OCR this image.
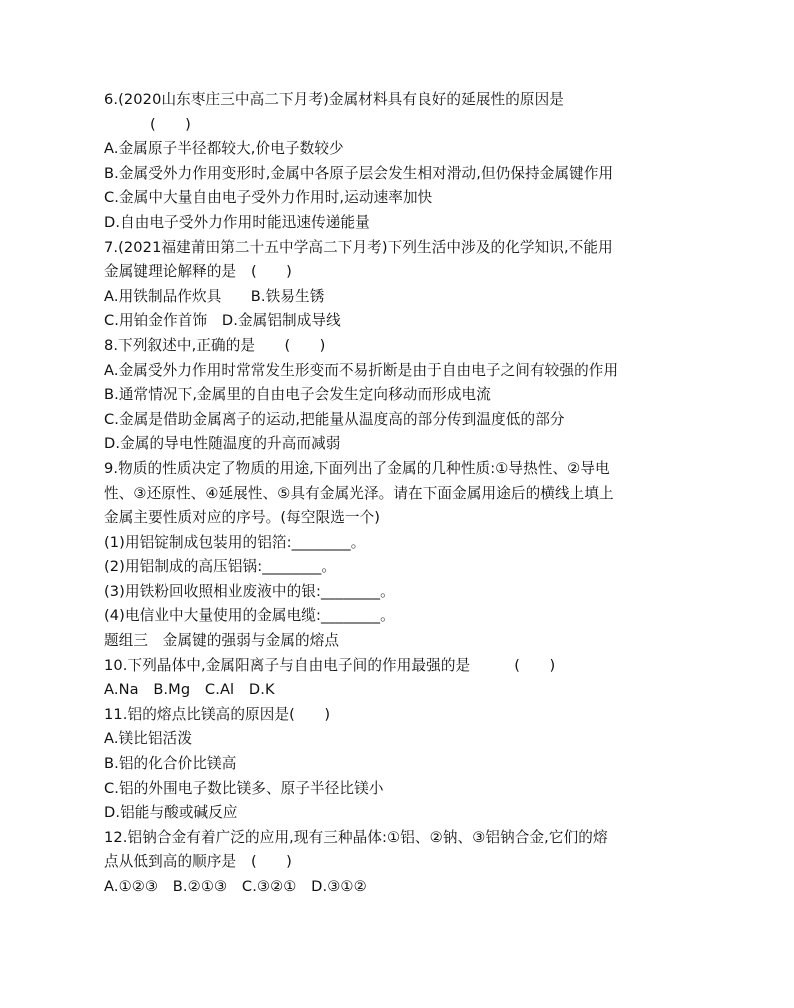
6.(2020山东枣庄三中高二下月考)金属材料具有良好的延展性的原因是
(　　)
A.金属原子半径都较大,价电子数较少
B.金属受外力作用变形时,金属中各原子层会发生相对滑动,但仍保持金属键作用
C.金属中大量自由电子受外力作用时,运动速率加快
D.自由电子受外力作用时能迅速传递能量
7.(2021福建莆田第二十五中学高二下月考)下列生活中涉及的化学知识,不能用
金属键理论解释的是　(　　)
A.用铁制品作炊具　　B.铁易生锈
C.用铂金作首饰　D.金属铝制成导线
8.下列叙述中,正确的是　　(　　)
A.金属受外力作用时常常发生形变而不易折断是由于自由电子之间有较强的作用
B.通常情况下,金属里的自由电子会发生定向移动而形成电流
C.金属是借助金属离子的运动,把能量从温度高的部分传到温度低的部分
D.金属的导电性随温度的升高而减弱
9.物质的性质决定了物质的用途,下面列出了金属的几种性质:①导热性、②导电
性、③还原性、④延展性、⑤具有金属光泽。请在下面金属用途后的横线上填上
金属主要性质对应的序号。(每空限选一个)
(1)用铝锭制成包装用的铝箔:________。
(2)用铝制成的高压铝锅:________。
(3)用铁粉回收照相业废液中的银:________。
(4)电信业中大量使用的金属电缆:________。
题组三　金属键的强弱与金属的熔点
10.下列晶体中,金属阳离子与自由电子间的作用最强的是　　　(　　)
A.Na　B.Mg　C.Al　D.K
11.铝的熔点比镁高的原因是(　　)
A.镁比铝活泼
B.铝的化合价比镁高
C.铝的外围电子数比镁多、原子半径比镁小
D.铝能与酸或碱反应
12.铝钠合金有着广泛的应用,现有三种晶体:①铝、②钠、③铝钠合金,它们的熔
点从低到高的顺序是　(　　)
A.①②③　B.②①③　C.③②①　D.③①②
